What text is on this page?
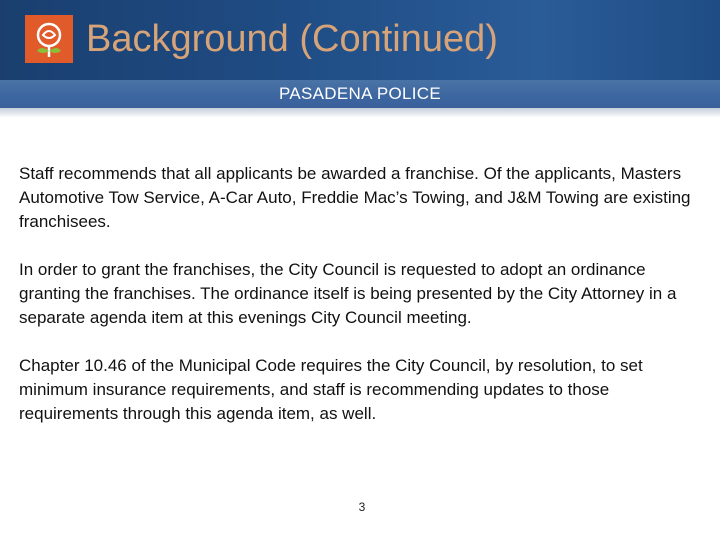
Background (Continued)
PASADENA POLICE

Staff recommends that all applicants be awarded a franchise. Of the applicants, Masters Automotive Tow Service, A-Car Auto, Freddie Mac’s Towing, and J&M Towing are existing franchisees.

In order to grant the franchises, the City Council is requested to adopt an ordinance granting the franchises. The ordinance itself is being presented by the City Attorney in a separate agenda item at this evenings City Council meeting.

Chapter 10.46 of the Municipal Code requires the City Council, by resolution, to set minimum insurance requirements, and staff is recommending updates to those requirements through this agenda item, as well.

3
